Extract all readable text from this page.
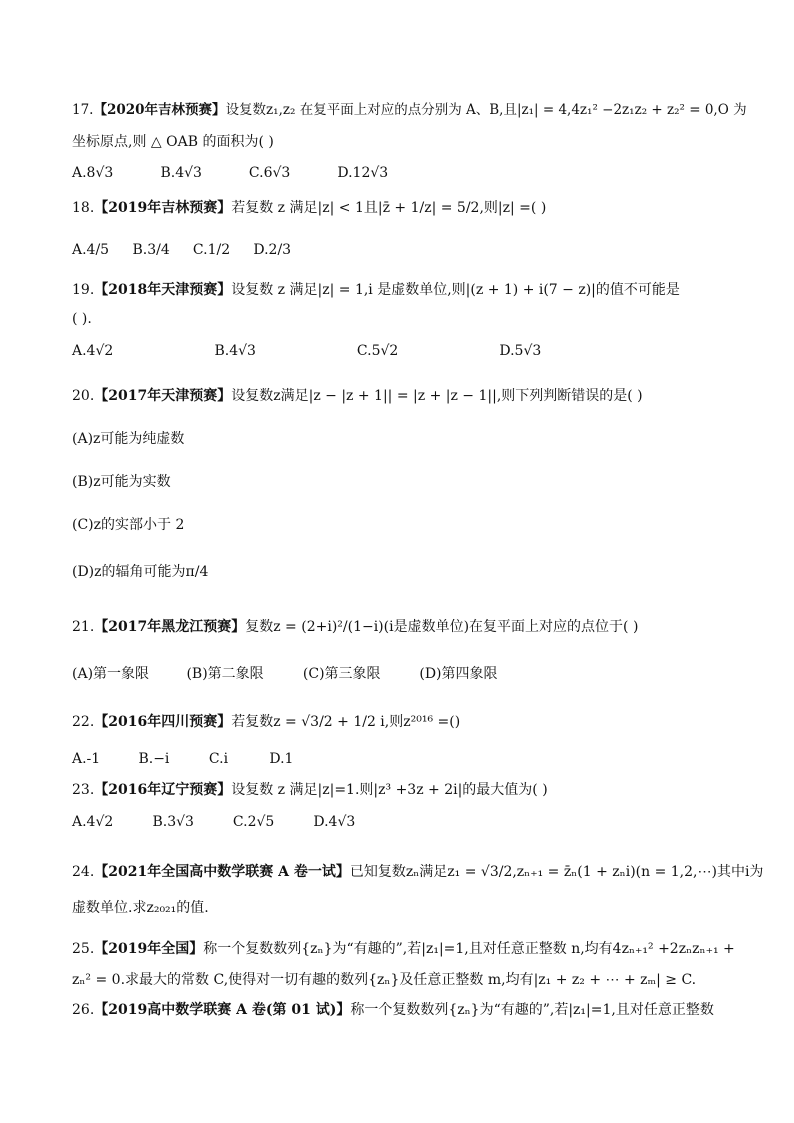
17.【2020年吉林预赛】设复数z₁,z₂ 在复平面上对应的点分别为 A、B,且|z₁| = 4,4z₁² −2z₁z₂ + z₂² = 0,O 为
坐标原点,则 △ OAB 的面积为( )
A.8√3	B.4√3	C.6√3	D.12√3
18.【2019年吉林预赛】若复数 z 满足|z| < 1且|z̄ + 1/z| = 5/2,则|z| =( )
A.4/5 B.3/4 C.1/2 D.2/3
19.【2018年天津预赛】设复数 z 满足|z| = 1,i 是虚数单位,则|(z + 1) + i(7 − z)|的值不可能是
( ).
A.4√2	B.4√3	C.5√2	D.5√3
20.【2017年天津预赛】设复数z满足|z − |z + 1|| = |z + |z − 1||,则下列判断错误的是( )
(A)z可能为纯虚数
(B)z可能为实数
(C)z的实部小于 2
(D)z的辐角可能为π/4
21.【2017年黑龙江预赛】复数z = (2+i)²/(1−i)(i是虚数单位)在复平面上对应的点位于( )
(A)第一象限	(B)第二象限	(C)第三象限	(D)第四象限
22.【2016年四川预赛】若复数z = √3/2 + 1/2 i,则z²⁰¹⁶ =()
A.-1	B.−i	C.i	D.1
23.【2016年辽宁预赛】设复数 z 满足|z|=1.则|z³ +3z + 2i|的最大值为( )
A.4√2	B.3√3	C.2√5	D.4√3
24.【2021年全国高中数学联赛 A 卷一试】已知复数zₙ满足z₁ = √3/2,zₙ₊₁ = z̄ₙ(1 + zₙi)(n = 1,2,⋯)其中i为
虚数单位.求z₂₀₂₁的值.
25.【2019年全国】称一个复数数列{zₙ}为“有趣的”,若|z₁|=1,且对任意正整数 n,均有4zₙ₊₁² +2zₙzₙ₊₁ +
zₙ² = 0.求最大的常数 C,使得对一切有趣的数列{zₙ}及任意正整数 m,均有|z₁ + z₂ + ⋯ + zₘ| ≥ C.
26.【2019高中数学联赛 A 卷(第 01 试)】称一个复数数列{zₙ}为“有趣的”,若|z₁|=1,且对任意正整数
